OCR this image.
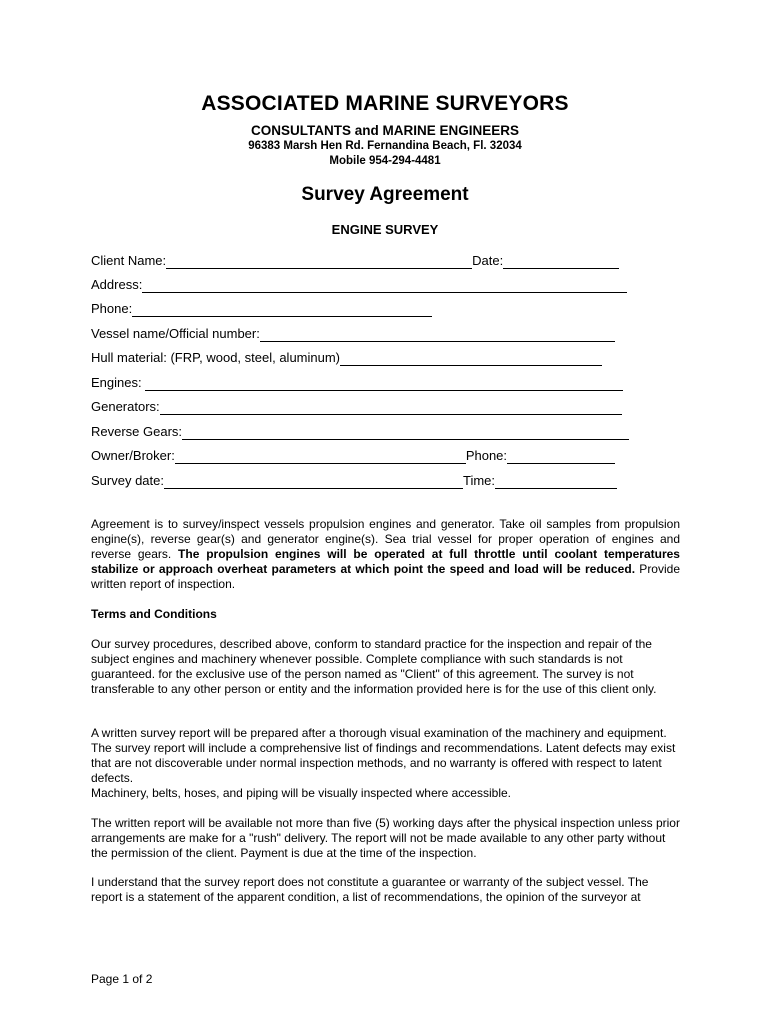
ASSOCIATED MARINE SURVEYORS
CONSULTANTS and MARINE ENGINEERS
96383 Marsh Hen Rd. Fernandina Beach, Fl. 32034
Mobile 954-294-4481
Survey Agreement
ENGINE SURVEY
Client Name:	Date:
Address:
Phone:
Vessel name/Official number:
Hull material: (FRP, wood, steel, aluminum)
Engines:
Generators:
Reverse Gears:
Owner/Broker:	Phone:
Survey date:	Time:

Agreement is to survey/inspect vessels propulsion engines and generator. Take oil samples from propulsion engine(s), reverse gear(s) and generator engine(s). Sea trial vessel for proper operation of engines and reverse gears. The propulsion engines will be operated at full throttle until coolant temperatures stabilize or approach overheat parameters at which point the speed and load will be reduced. Provide written report of inspection.

Terms and Conditions

Our survey procedures, described above, conform to standard practice for the inspection and repair of the subject engines and machinery whenever possible. Complete compliance with such standards is not guaranteed. for the exclusive use of the person named as "Client" of this agreement. The survey is not transferable to any other person or entity and the information provided here is for the use of this client only.

A written survey report will be prepared after a thorough visual examination of the machinery and equipment. The survey report will include a comprehensive list of findings and recommendations. Latent defects may exist that are not discoverable under normal inspection methods, and no warranty is offered with respect to latent defects.

Machinery, belts, hoses, and piping will be visually inspected where accessible.

The written report will be available not more than five (5) working days after the physical inspection unless prior arrangements are make for a "rush" delivery. The report will not be made available to any other party without the permission of the client. Payment is due at the time of the inspection.

I understand that the survey report does not constitute a guarantee or warranty of the subject vessel. The report is a statement of the apparent condition, a list of recommendations, the opinion of the surveyor at

Page 1 of 2
